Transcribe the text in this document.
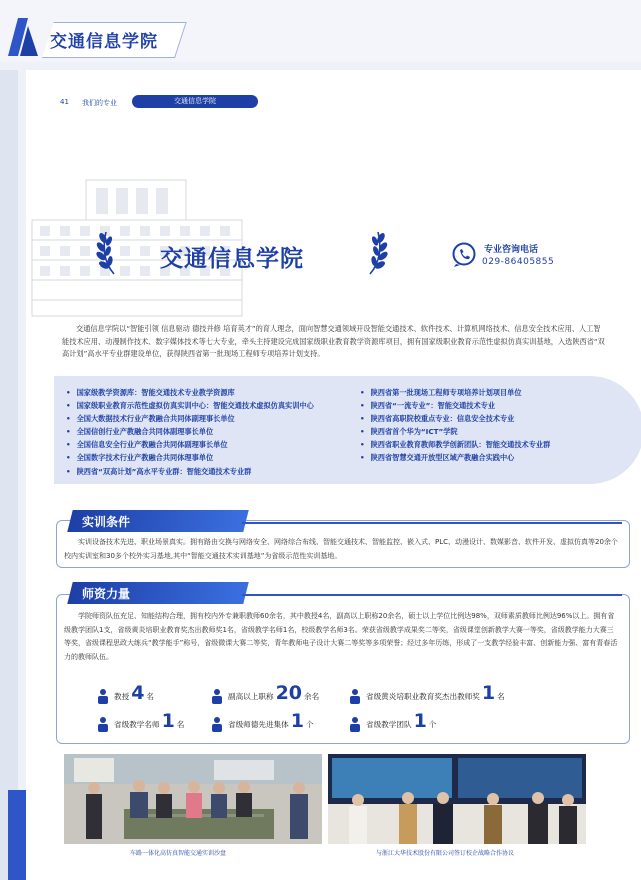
交通信息学院
41 我们的专业	交通信息学院
交通信息学院	专业咨询电话
029-86405855
交通信息学院以“智能引领 信息驱动 德技并修 培育英才”的育人理念，面向智慧交通领域开设智能交通技术、软件技术、计算机网络技术、信息安全技术应用、人工智能技术应用、动漫制作技术、数字媒体技术等七大专业，牵头主持建设完成国家级职业教育教学资源库项目，拥有国家级职业教育示范性虚拟仿真实训基地，入选陕西省“双高计划”高水平专业群建设单位，获得陕西省第一批现场工程师专项培养计划支持。
• 国家级教学资源库：智能交通技术专业教学资源库
• 国家级职业教育示范性虚拟仿真实训中心：智能交通技术虚拟仿真实训中心
• 全国大数据技术行业产教融合共同体副理事长单位
• 全国信创行业产教融合共同体副理事长单位
• 全国信息安全行业产教融合共同体副理事长单位
• 全国数字技术行业产教融合共同体理事单位
• 陕西省“双高计划”高水平专业群：智能交通技术专业群
• 陕西省第一批现场工程师专项培养计划项目单位
• 陕西省“一流专业”：智能交通技术专业
• 陕西省高职院校重点专业：信息安全技术专业
• 陕西省首个华为“ICT”学院
• 陕西省职业教育教师教学创新团队：智能交通技术专业群
• 陕西省智慧交通开放型区域产教融合实践中心
实训条件
实训设备技术先进、职业场景真实。拥有路由交换与网络安全、网络综合布线、智能交通技术、智能监控、嵌入式、PLC、动漫设计、数媒影音、软件开发、虚拟仿真等20余个校内实训室和30多个校外实习基地,其中“智能交通技术实训基地”为省级示范性实训基地。
师资力量
学院师资队伍充足、知能结构合理，拥有校内外专兼职教师60余名，其中教授4名，副高以上职称20余名，硕士以上学位比例达98%，双师素质教师比例达96%以上。拥有省级教学团队1支，省级黄炎培职业教育奖杰出教师奖1名，省级教学名师1名，校级教学名师3名。荣获省级教学成果奖二等奖，省级课堂创新教学大赛一等奖，省级教学能力大赛三等奖，省级课程思政大练兵“教学能手”称号，省级微课大赛二等奖，青年教师电子设计大赛二等奖等多项荣誉；经过多年历练，形成了一支教学经验丰富、创新能力强、富有青春活力的教师队伍。
教授 4 名	副高以上职称 20 余名	省级黄炎培职业教育奖杰出教师奖 1 名
省级教学名师 1 名	省级师德先进集体 1 个	省级教学团队 1 个
车路一体化高仿真智能交通实训沙盘	与浙江大华技术股份有限公司签订校企战略合作协议
